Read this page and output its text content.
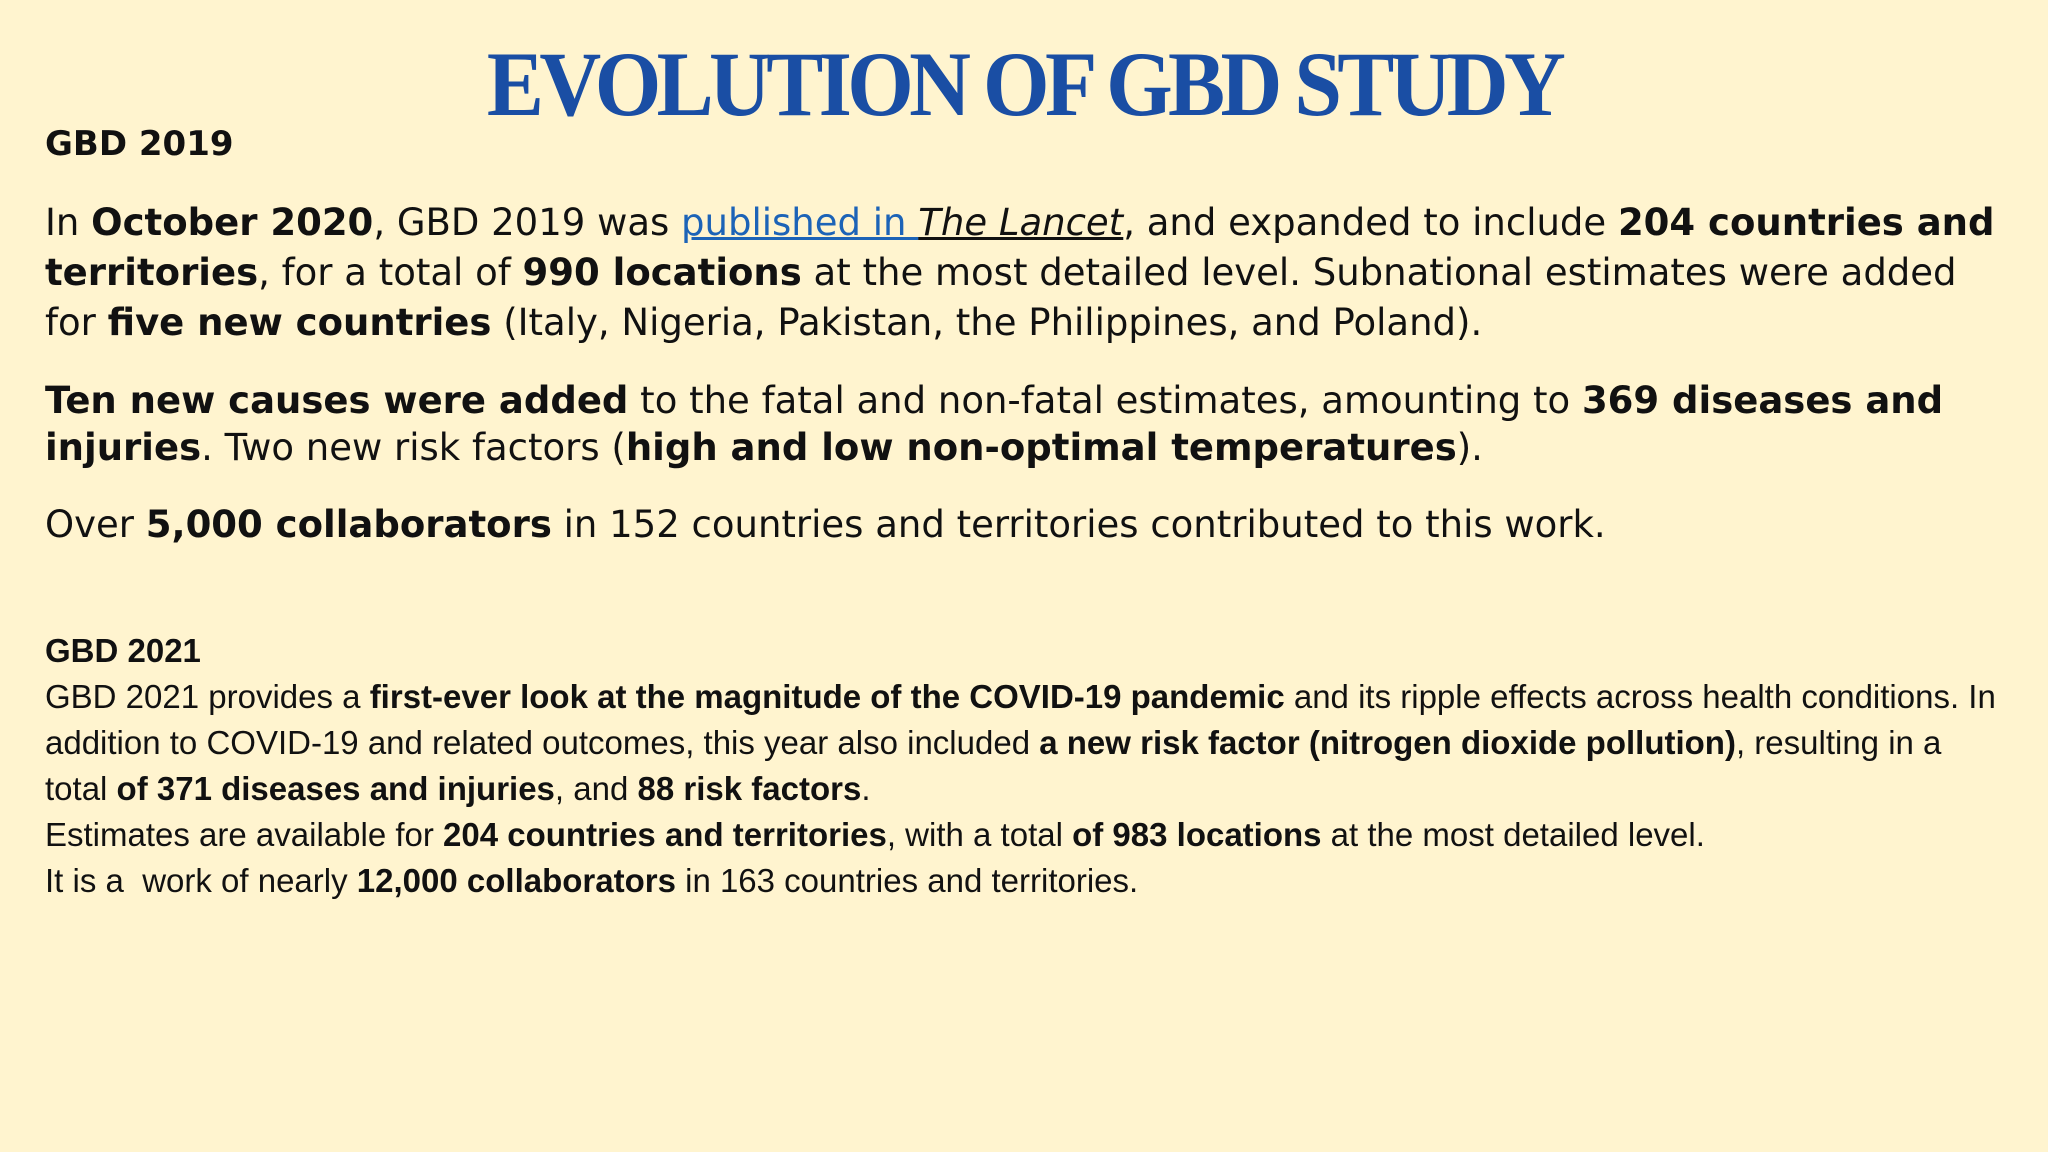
EVOLUTION OF GBD STUDY
GBD 2019

In October 2020, GBD 2019 was published in The Lancet, and expanded to include 204 countries and territories, for a total of 990 locations at the most detailed level. Subnational estimates were added for five new countries (Italy, Nigeria, Pakistan, the Philippines, and Poland).

Ten new causes were added to the fatal and non-fatal estimates, amounting to 369 diseases and injuries. Two new risk factors (high and low non-optimal temperatures).

Over 5,000 collaborators in 152 countries and territories contributed to this work.

GBD 2021
GBD 2021 provides a first-ever look at the magnitude of the COVID-19 pandemic and its ripple effects across health conditions. In addition to COVID-19 and related outcomes, this year also included a new risk factor (nitrogen dioxide pollution), resulting in a total of 371 diseases and injuries, and 88 risk factors.
Estimates are available for 204 countries and territories, with a total of 983 locations at the most detailed level.
It is a  work of nearly 12,000 collaborators in 163 countries and territories.
